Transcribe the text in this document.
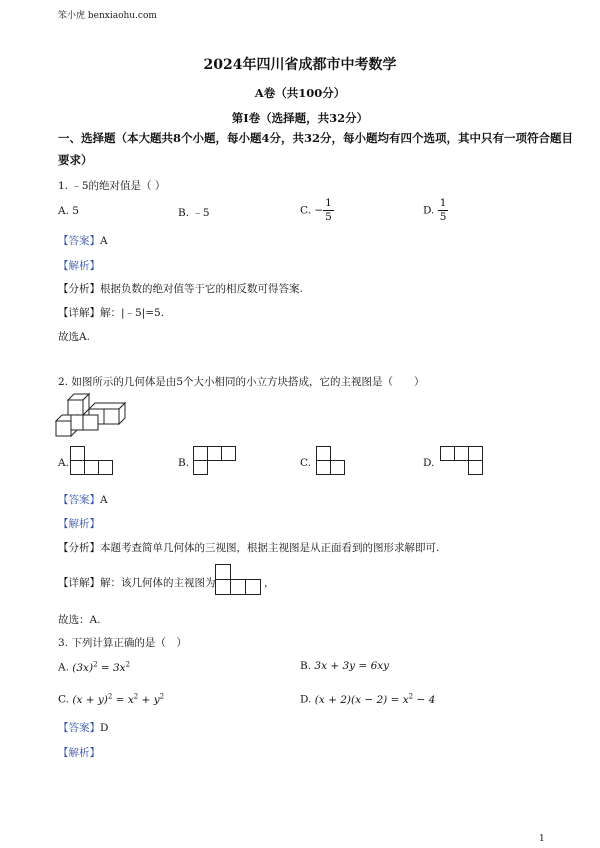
笨小虎 benxiaohu.com
2024年四川省成都市中考数学
A卷（共100分）
第Ⅰ卷（选择题，共32分）
一、选择题（本大题共8个小题，每小题4分，共32分，每小题均有四个选项，其中只有一项符合题目要求）
1. ﹣5的绝对值是（ ）
A. 5	B. ﹣5	C. − $\frac{1}{5}$	D. $\frac{1}{5}$
【答案】A
【解析】
【分析】根据负数的绝对值等于它的相反数可得答案.
【详解】解：|﹣5|=5.
故选A.
2. 如图所示的几何体是由5个大小相同的小立方块搭成，它的主视图是（　　）
A.	B.	C.	D.
【答案】A
【解析】
【分析】本题考查简单几何体的三视图，根据主视图是从正面看到的图形求解即可.
【详解】解：该几何体的主视图为	，
故选：A.
3. 下列计算正确的是（　）
A. $(3x)^2 = 3x^2$	B. 3x + 3y = 6xy
C. $(x + y)^2 = x^2 + y^2$	D. $(x + 2)(x - 2) = x^2 - 4$
【答案】D
【解析】
1
